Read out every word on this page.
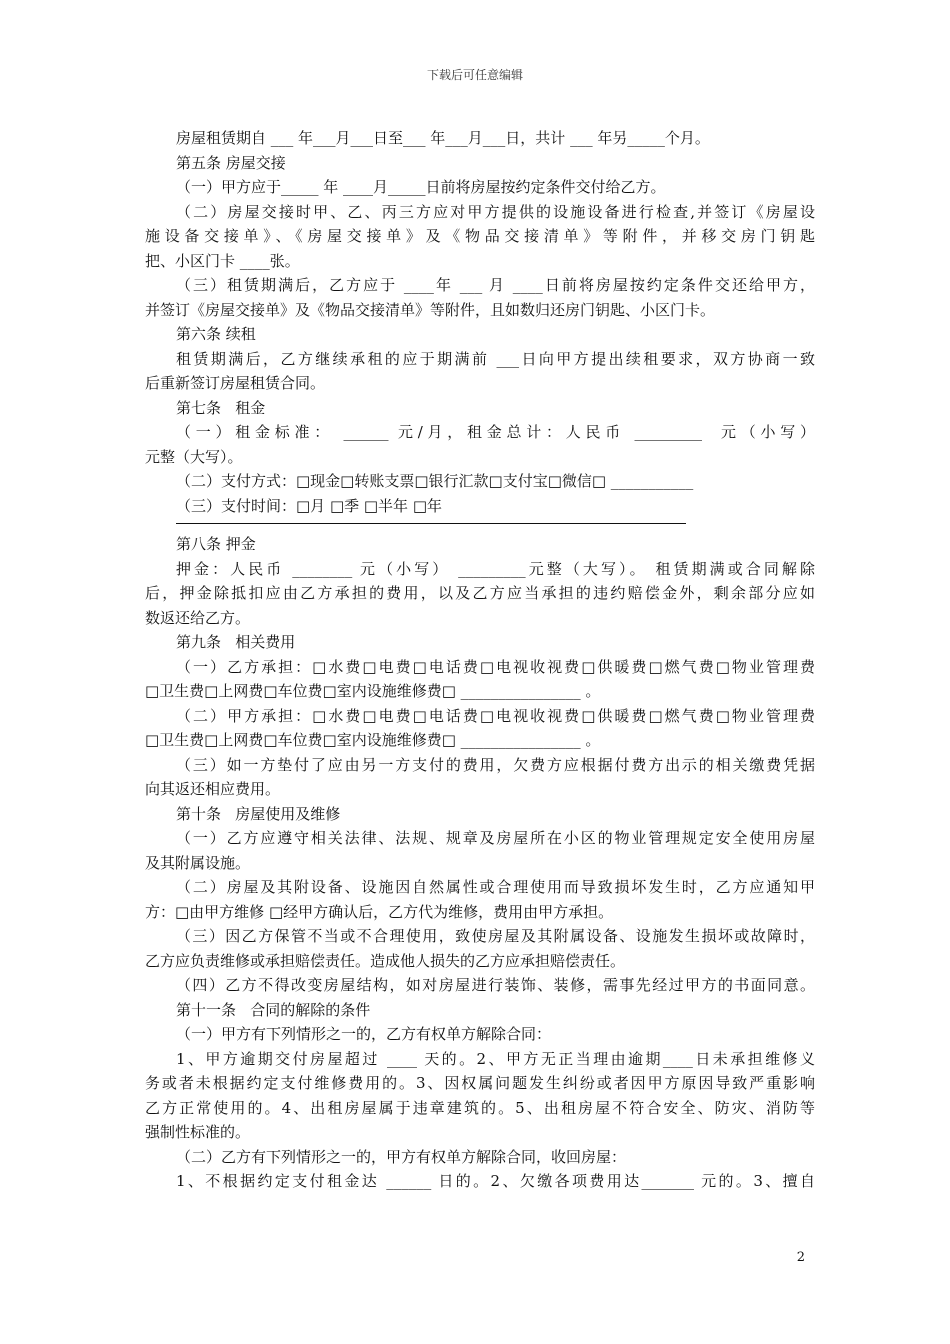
下载后可任意编辑
房屋租赁期自 ___ 年___月___日至___ 年___月___日，共计 ___ 年另_____个月。
第五条 房屋交接
（一）甲方应于_____ 年 ____月_____日前将房屋按约定条件交付给乙方。
（二）房屋交接时甲、乙、丙三方应对甲方提供的设施设备进行检查,并签订《房屋设
施设备交接单》、《房屋交接单》及《物品交接清单》等附件，并移交房门钥匙
把、小区门卡 ____张。
（三）租赁期满后，乙方应于 ____年 ___ 月 ____日前将房屋按约定条件交还给甲方，
并签订《房屋交接单》及《物品交接清单》等附件，且如数归还房门钥匙、小区门卡。
第六条 续租
租赁期满后，乙方继续承租的应于期满前 ___日向甲方提出续租要求，双方协商一致
后重新签订房屋租赁合同。
第七条   租金
（一）租金标准： ______ 元/月，租金总计：人民币 _________  元（小写）
元整（大写）。
（二）支付方式：□现金□转账支票□银行汇款□支付宝□微信□ ___________
（三）支付时间：□月 □季 □半年 □年
第八条 押金
押金：人民币 ________ 元（小写） _________元整（大写）。 租赁期满或合同解除
后，押金除抵扣应由乙方承担的费用，以及乙方应当承担的违约赔偿金外，剩余部分应如
数返还给乙方。
第九条   相关费用
（一）乙方承担：□水费□电费□电话费□电视收视费□供暖费□燃气费□物业管理费
□卫生费□上网费□车位费□室内设施维修费□ ________________ 。
（二）甲方承担：□水费□电费□电话费□电视收视费□供暖费□燃气费□物业管理费
□卫生费□上网费□车位费□室内设施维修费□ ________________ 。
（三）如一方垫付了应由另一方支付的费用，欠费方应根据付费方出示的相关缴费凭据
向其返还相应费用。
第十条   房屋使用及维修
（一）乙方应遵守相关法律、法规、规章及房屋所在小区的物业管理规定安全使用房屋
及其附属设施。
（二）房屋及其附设备、设施因自然属性或合理使用而导致损坏发生时，乙方应通知甲
方：□由甲方维修 □经甲方确认后，乙方代为维修，费用由甲方承担。
（三）因乙方保管不当或不合理使用，致使房屋及其附属设备、设施发生损坏或故障时，
乙方应负责维修或承担赔偿责任。造成他人损失的乙方应承担赔偿责任。
（四）乙方不得改变房屋结构，如对房屋进行装饰、装修，需事先经过甲方的书面同意。
第十一条   合同的解除的条件
（一）甲方有下列情形之一的，乙方有权单方解除合同：
1、甲方逾期交付房屋超过 ____ 天的。2、甲方无正当理由逾期____日未承担维修义
务或者未根据约定支付维修费用的。3、因权属问题发生纠纷或者因甲方原因导致严重影响
乙方正常使用的。4、出租房屋属于违章建筑的。5、出租房屋不符合安全、防灾、消防等
强制性标准的。
（二）乙方有下列情形之一的，甲方有权单方解除合同，收回房屋：
1、不根据约定支付租金达 ______ 日的。2、欠缴各项费用达_______ 元的。3、擅自
2
